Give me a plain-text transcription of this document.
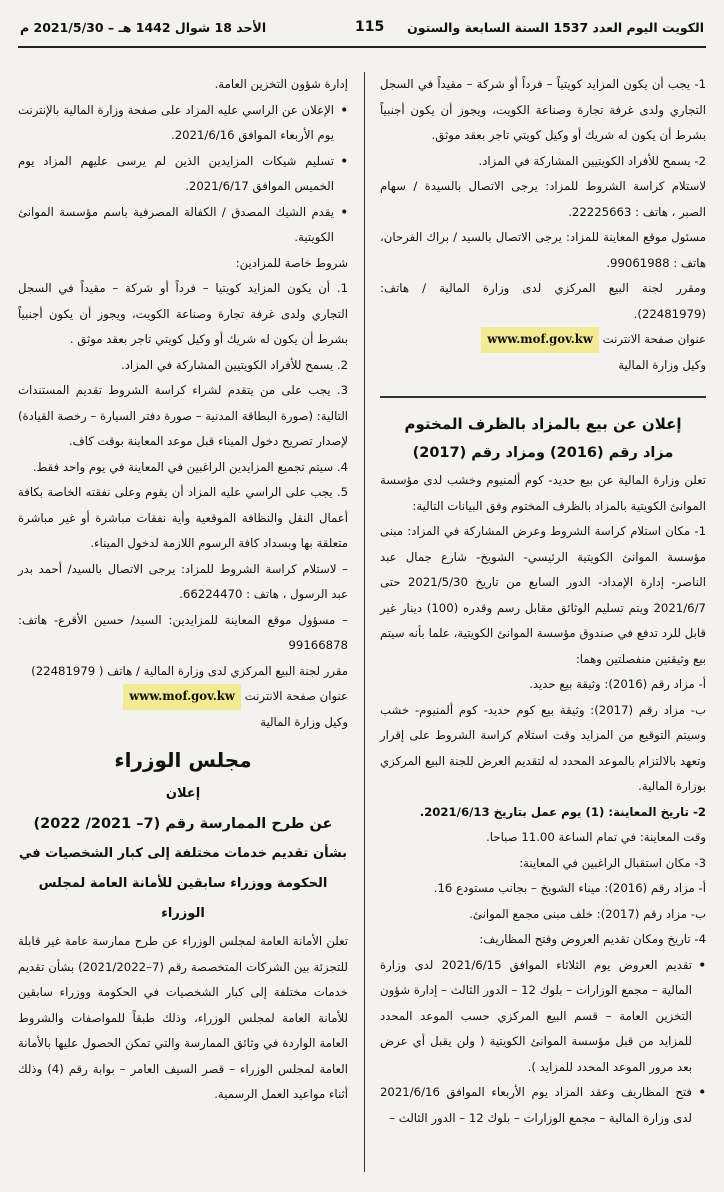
الكويت اليوم العدد 1537 السنة السابعة والستون
115
الأحد 18 شوال 1442 هـ – 2021/5/30 م

1- يجب أن يكون المزايد كويتياً – فرداً أو شركة – مقيداً في السجل التجاري ولدى غرفة تجارة وصناعة الكويت، ويجوز أن يكون أجنبياً بشرط أن يكون له شريك أو وكيل كويتي تاجر بعقد موثق.

2- يسمح للأفراد الكويتيين المشاركة في المزاد.

لاستلام كراسة الشروط للمزاد: يرجى الاتصال بالسيدة / سهام الصبر ، هاتف : 22225663.

مسئول موقع المعاينة للمزاد: يرجى الاتصال بالسيد / براك الفرحان، هاتف : 99061988.

ومقرر لجنة البيع المركزي لدى وزارة المالية / هاتف: (22481979).

عنوان صفحة الانترنت www.mof.gov.kw

وكيل وزارة المالية

إعلان عن بيع بالمزاد بالظرف المختوم
مزاد رقم (2016) ومزاد رقم (2017)

تعلن وزارة المالية عن بيع حديد- كوم ألمنيوم وخشب لدى مؤسسة الموانئ الكويتية بالمزاد بالظرف المختوم وفق البيانات التالية:

1- مكان استلام كراسة الشروط وعرض المشاركة في المزاد: مبنى مؤسسة الموانئ الكويتية الرئيسي- الشويخ- شارع جمال عبد الناصر- إدارة الإمداد- الدور السابع من تاريخ 2021/5/30 حتى 2021/6/7 ويتم تسليم الوثائق مقابل رسم وقدره (100) دينار غير قابل للرد تدفع في صندوق مؤسسة الموانئ الكويتية، علما بأنه سيتم بيع وثيقتين منفصلتين وهما:

أ- مزاد رقم (2016): وثيقة بيع حديد.

ب- مزاد رقم (2017): وثيقة بيع كوم حديد- كوم ألمنيوم- خشب وسيتم التوقيع من المزايد وقت استلام كراسة الشروط على إقرار وتعهد بالالتزام بالموعد المحدد له لتقديم العرض للجنة البيع المركزي بوزارة المالية.

2- تاريخ المعاينة: (1) يوم عمل بتاريخ 2021/6/13.

وقت المعاينة: في تمام الساعة 11.00 صباحا.

3- مكان استقبال الراغبين في المعاينة:

أ- مزاد رقم (2016): ميناء الشويخ – بجانب مستودع 16.

ب- مزاد رقم (2017): خلف مبنى مجمع الموانئ.

4- تاريخ ومكان تقديم العروض وفتح المظاريف:

• تقديم العروض يوم الثلاثاء الموافق 2021/6/15 لدى وزارة المالية – مجمع الوزارات – بلوك 12 – الدور الثالث – إدارة شؤون التخزين العامة – قسم البيع المركزي حسب الموعد المحدد للمزايد من قبل مؤسسة الموانئ الكويتية ( ولن يقبل أي عرض بعد مرور الموعد المحدد للمزايد ).

• فتح المظاريف وعقد المزاد يوم الأربعاء الموافق 2021/6/16 لدى وزارة المالية – مجمع الوزارات – بلوك 12 – الدور الثالث –

إدارة شؤون التخزين العامة.

• الإعلان عن الراسي عليه المزاد على صفحة وزارة المالية بالإنترنت يوم الأربعاء الموافق 2021/6/16.

• تسليم شيكات المزايدين الذين لم يرسى عليهم المزاد يوم الخميس الموافق 2021/6/17.

• يقدم الشيك المصدق / الكفالة المصرفية باسم مؤسسة الموانئ الكويتية.

شروط خاصة للمزادين:

1. أن يكون المزايد كويتيا – فرداً أو شركة – مقيداً في السجل التجاري ولدى غرفة تجارة وصناعة الكويت، ويجوز أن يكون أجنبياً بشرط أن يكون له شريك أو وكيل كويتي تاجر بعقد موثق .

2. يسمح للأفراد الكويتيين المشاركة في المزاد.

3. يجب على من يتقدم لشراء كراسة الشروط تقديم المستندات التالية: (صورة البطاقة المدنية – صورة دفتر السيارة – رخصة القيادة) لإصدار تصريح دخول الميناء قبل موعد المعاينة بوقت كاف.

4. سيتم تجميع المزايدين الراغبين في المعاينة في يوم واحد فقط.

5. يجب على الراسي عليه المزاد أن يقوم وعلى نفقته الخاصة بكافة أعمال النقل والنظافة الموقعية وأية نفقات مباشرة أو غير مباشرة متعلقة بها وبسداد كافة الرسوم اللازمة لدخول الميناء.

– لاستلام كراسة الشروط للمزاد: يرجى الاتصال بالسيد/ أحمد بدر عبد الرسول ، هاتف : 66224470.

– مسؤول موقع المعاينة للمزايدين: السيد/ حسين الأقرع- هاتف: 99166878

مقرر لجنة البيع المركزي لدى وزارة المالية / هاتف ( 22481979)

عنوان صفحة الانترنت www.mof.gov.kw

وكيل وزارة المالية

مجلس الوزراء
إعلان
عن طرح الممارسة رقم (7– 2021/ 2022)
بشأن تقديم خدمات مختلفة إلى كبار الشخصيات في
الحكومة ووزراء سابقين للأمانة العامة لمجلس الوزراء

تعلن الأمانة العامة لمجلس الوزراء عن طرح ممارسة عامة غير قابلة للتجزئة بين الشركات المتخصصة رقم (7–2021/2022) بشأن تقديم خدمات مختلفة إلى كبار الشخصيات في الحكومة ووزراء سابقين للأمانة العامة لمجلس الوزراء، وذلك طبقاً للمواصفات والشروط العامة الواردة في وثائق الممارسة والتي تمكن الحصول عليها بالأمانة العامة لمجلس الوزراء – قصر السيف العامر – بوابة رقم (4) وذلك أثناء مواعيد العمل الرسمية.
